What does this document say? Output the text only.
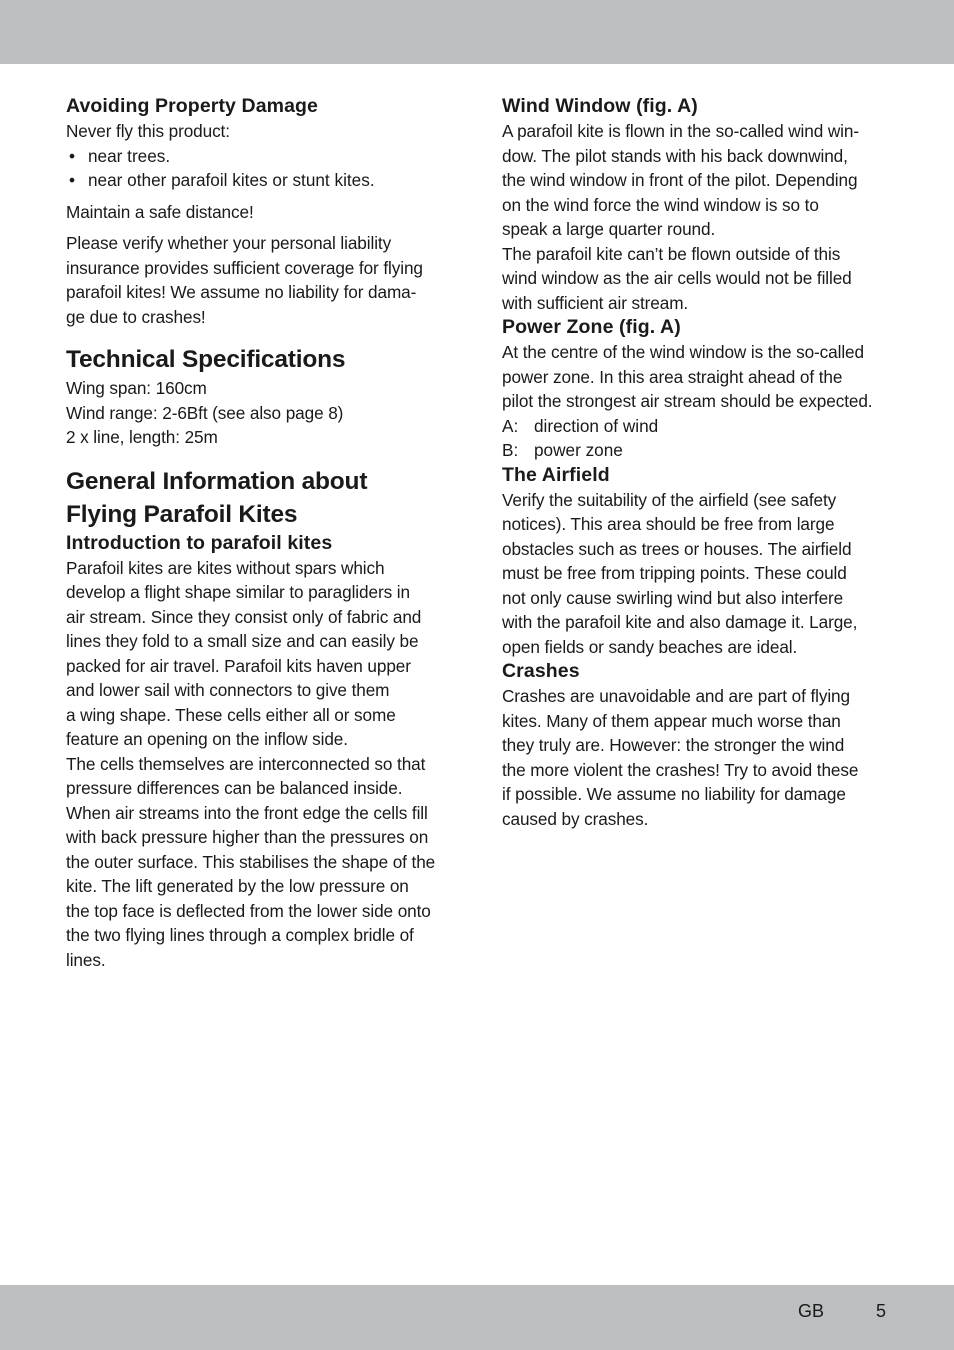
Avoiding Property Damage

Never fly this product:

• near trees.
• near other parafoil kites or stunt kites.

Maintain a safe distance!

Please verify whether your personal liability

insurance provides sufficient coverage for flying

parafoil kites! We assume no liability for dama-

ge due to crashes!

Technical Specifications

Wing span: 160cm

Wind range: 2-6Bft (see also page 8)

2 x line, length: 25m

General Information about
Flying Parafoil Kites
Introduction to parafoil kites

Parafoil kites are kites without spars which

develop a flight shape similar to paragliders in

air stream. Since they consist only of fabric and

lines they fold to a small size and can easily be

packed for air travel. Parafoil kits haven upper

and lower sail with connectors to give them

a wing shape. These cells either all or some

feature an opening on the inflow side.

The cells themselves are interconnected so that

pressure differences can be balanced inside.

When air streams into the front edge the cells fill

with back pressure higher than the pressures on

the outer surface. This stabilises the shape of the

kite. The lift generated by the low pressure on

the top face is deflected from the lower side onto

the two flying lines through a complex bridle of

lines.

Wind Window (fig. A)

A parafoil kite is flown in the so-called wind win-

dow. The pilot stands with his back downwind,

the wind window in front of the pilot. Depending

on the wind force the wind window is so to

speak a large quarter round.

The parafoil kite can’t be flown outside of this

wind window as the air cells would not be filled

with sufficient air stream.

Power Zone (fig. A)

At the centre of the wind window is the so-called

power zone. In this area straight ahead of the

pilot the strongest air stream should be expected.

A: direction of wind
B: power zone
The Airfield

Verify the suitability of the airfield (see safety

notices). This area should be free from large

obstacles such as trees or houses. The airfield

must be free from tripping points. These could

not only cause swirling wind but also interfere

with the parafoil kite and also damage it. Large,

open fields or sandy beaches are ideal.

Crashes

Crashes are unavoidable and are part of flying

kites. Many of them appear much worse than

they truly are. However: the stronger the wind

the more violent the crashes! Try to avoid these

if possible. We assume no liability for damage

caused by crashes.

GB	5
